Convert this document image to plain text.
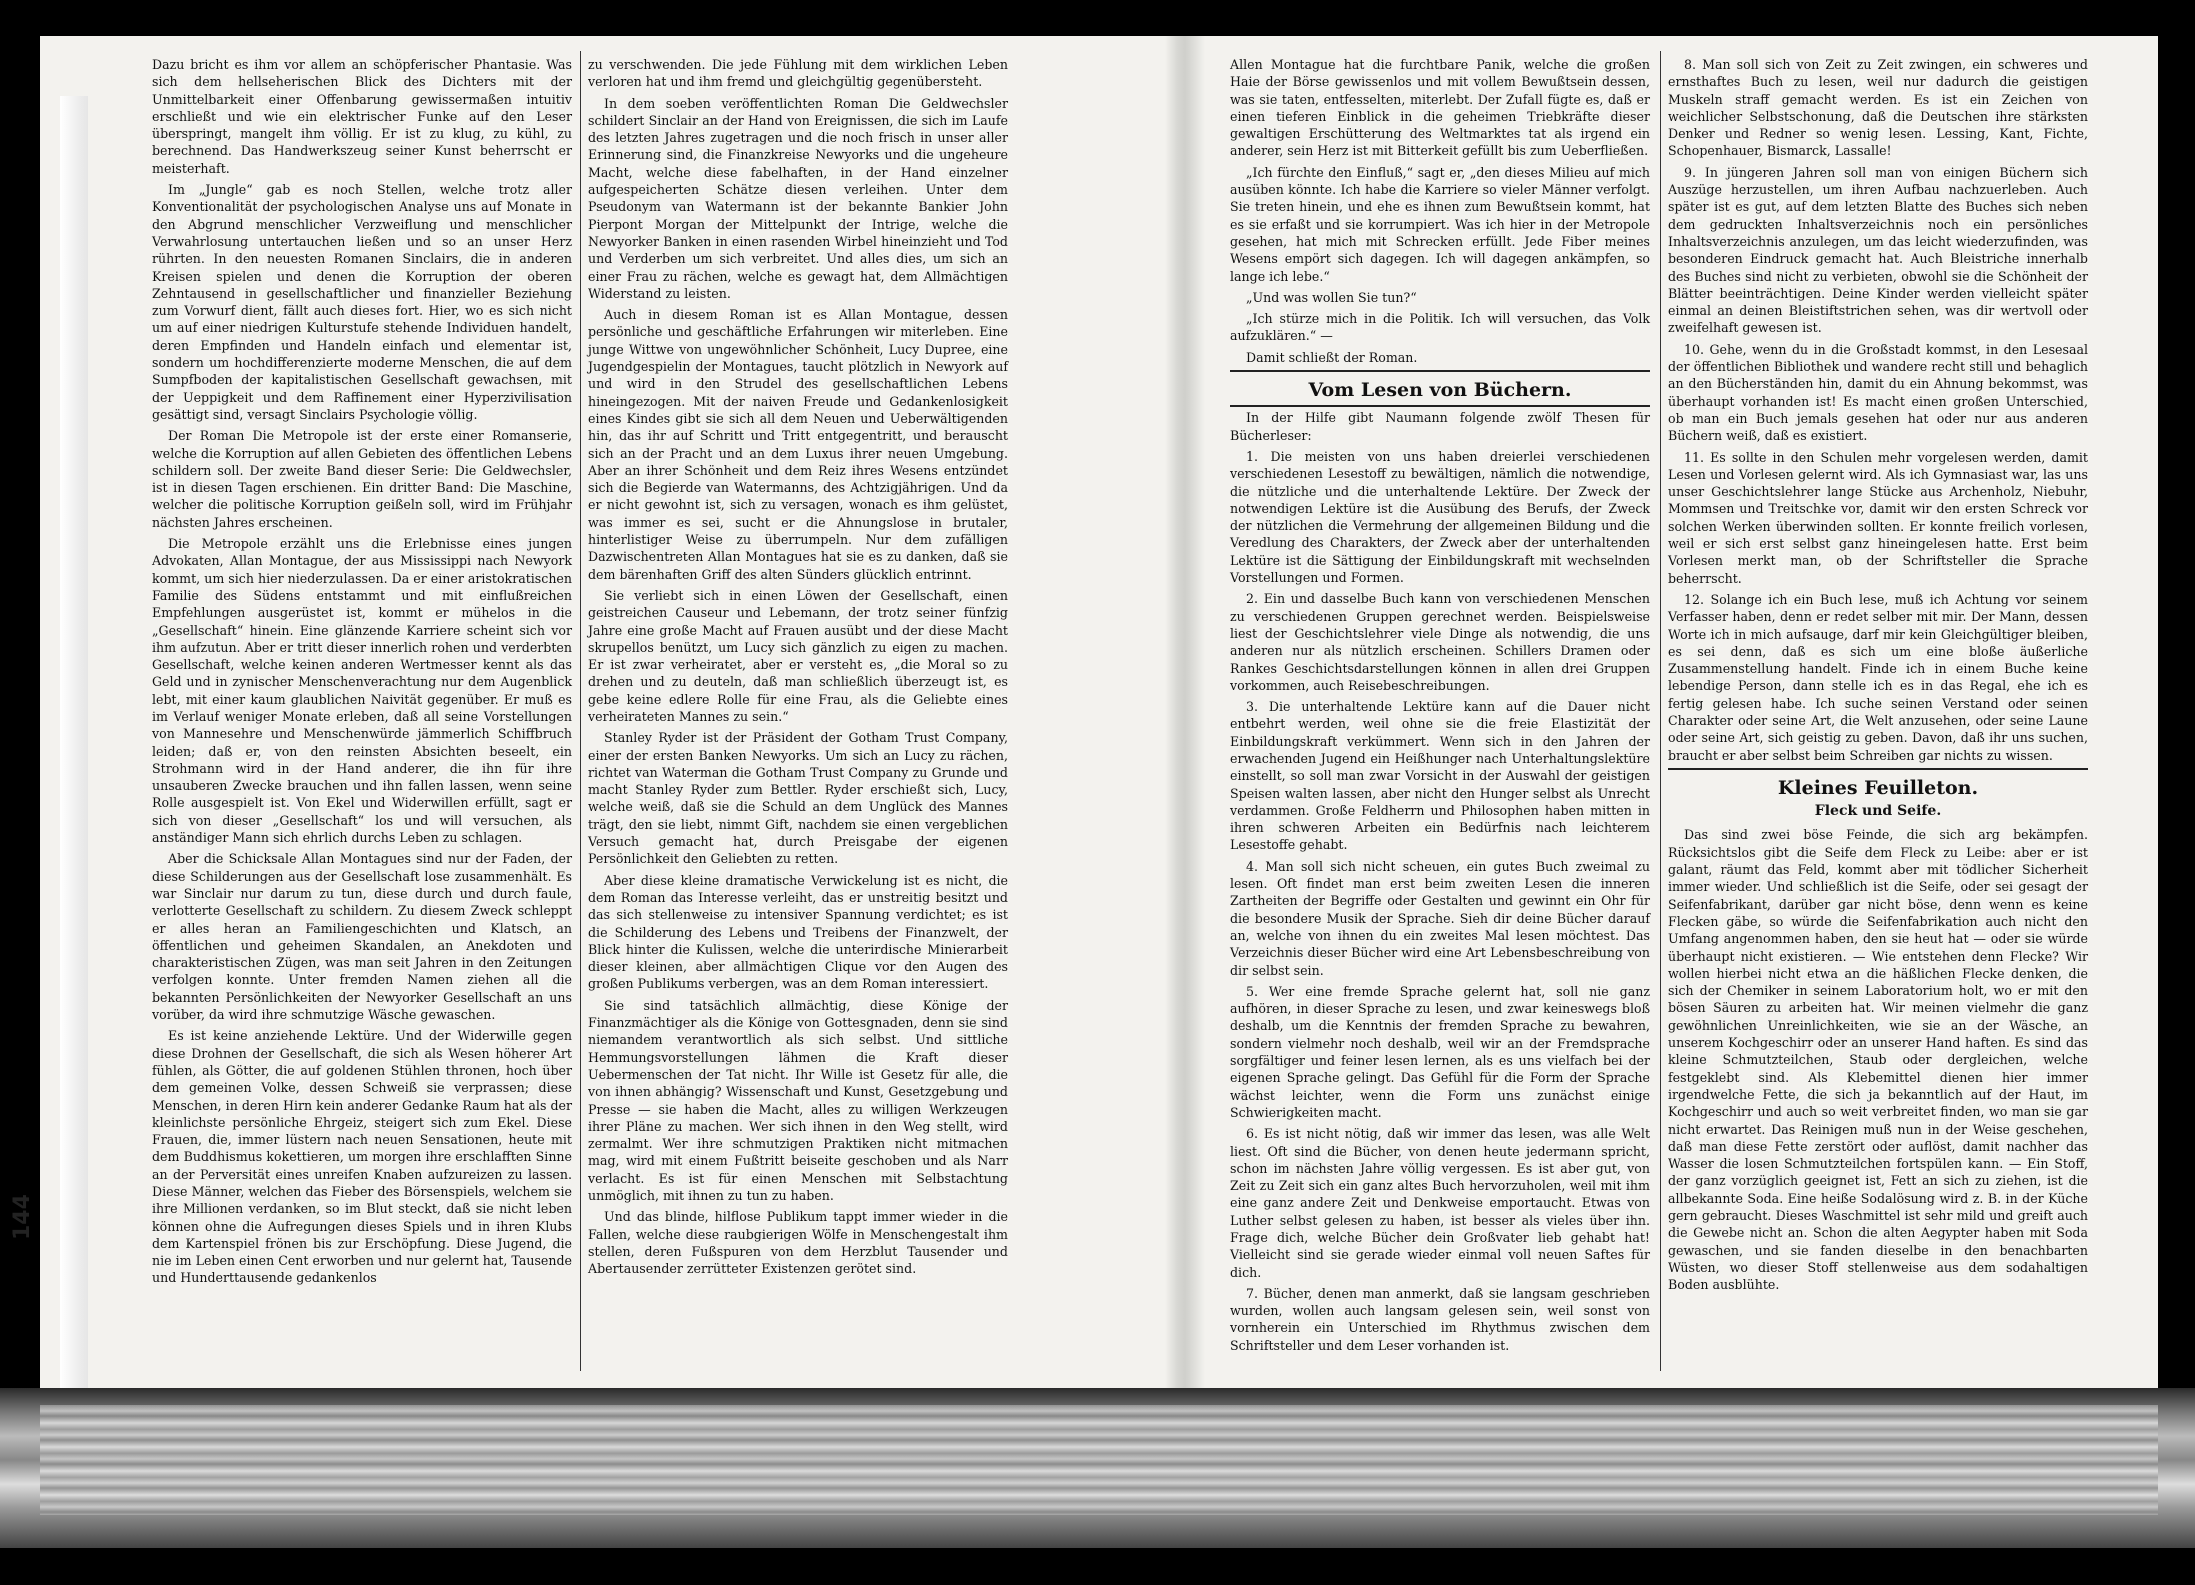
Dazu bricht es ihm vor allem an schöpferischer Phantasie. Was sich dem hellseherischen Blick des Dichters mit der Unmittelbarkeit einer Offenbarung gewissermaßen intuitiv erschließt und wie ein elektrischer Funke auf den Leser überspringt, mangelt ihm völlig. Er ist zu klug, zu kühl, zu berechnend. Das Handwerkszeug seiner Kunst beherrscht er meisterhaft.

Im „Jungle“ gab es noch Stellen, welche trotz aller Konventionalität der psychologischen Analyse uns auf Monate in den Abgrund menschlicher Verzweiflung und menschlicher Verwahrlosung untertauchen ließen und so an unser Herz rührten. In den neuesten Romanen Sinclairs, die in anderen Kreisen spielen und denen die Korruption der oberen Zehntausend in gesellschaftlicher und finanzieller Beziehung zum Vorwurf dient, fällt auch dieses fort. Hier, wo es sich nicht um auf einer niedrigen Kulturstufe stehende Individuen handelt, deren Empfinden und Handeln einfach und elementar ist, sondern um hochdifferenzierte moderne Menschen, die auf dem Sumpfboden der kapitalistischen Gesellschaft gewachsen, mit der Ueppigkeit und dem Raffinement einer Hyperzivilisation gesättigt sind, versagt Sinclairs Psychologie völlig.

Der Roman Die Metropole ist der erste einer Romanserie, welche die Korruption auf allen Gebieten des öffentlichen Lebens schildern soll. Der zweite Band dieser Serie: Die Geldwechsler, ist in diesen Tagen erschienen. Ein dritter Band: Die Maschine, welcher die politische Korruption geißeln soll, wird im Frühjahr nächsten Jahres erscheinen.

Die Metropole erzählt uns die Erlebnisse eines jungen Advokaten, Allan Montague, der aus Mississippi nach Newyork kommt, um sich hier niederzulassen. Da er einer aristokratischen Familie des Südens entstammt und mit einflußreichen Empfehlungen ausgerüstet ist, kommt er mühelos in die „Gesellschaft“ hinein. Eine glänzende Karriere scheint sich vor ihm aufzutun. Aber er tritt dieser innerlich rohen und verderbten Gesellschaft, welche keinen anderen Wertmesser kennt als das Geld und in zynischer Menschenverachtung nur dem Augenblick lebt, mit einer kaum glaublichen Naivität gegenüber. Er muß es im Verlauf weniger Monate erleben, daß all seine Vorstellungen von Mannesehre und Menschenwürde jämmerlich Schiffbruch leiden; daß er, von den reinsten Absichten beseelt, ein Strohmann wird in der Hand anderer, die ihn für ihre unsauberen Zwecke brauchen und ihn fallen lassen, wenn seine Rolle ausgespielt ist. Von Ekel und Widerwillen erfüllt, sagt er sich von dieser „Gesellschaft“ los und will versuchen, als anständiger Mann sich ehrlich durchs Leben zu schlagen.

Aber die Schicksale Allan Montagues sind nur der Faden, der diese Schilderungen aus der Gesellschaft lose zusammenhält. Es war Sinclair nur darum zu tun, diese durch und durch faule, verlotterte Gesellschaft zu schildern. Zu diesem Zweck schleppt er alles heran an Familiengeschichten und Klatsch, an öffentlichen und geheimen Skandalen, an Anekdoten und charakteristischen Zügen, was man seit Jahren in den Zeitungen verfolgen konnte. Unter fremden Namen ziehen all die bekannten Persönlichkeiten der Newyorker Gesellschaft an uns vorüber, da wird ihre schmutzige Wäsche gewaschen.

Es ist keine anziehende Lektüre. Und der Widerwille gegen diese Drohnen der Gesellschaft, die sich als Wesen höherer Art fühlen, als Götter, die auf goldenen Stühlen thronen, hoch über dem gemeinen Volke, dessen Schweiß sie verprassen; diese Menschen, in deren Hirn kein anderer Gedanke Raum hat als der kleinlichste persönliche Ehrgeiz, steigert sich zum Ekel. Diese Frauen, die, immer lüstern nach neuen Sensationen, heute mit dem Buddhismus kokettieren, um morgen ihre erschlafften Sinne an der Perversität eines unreifen Knaben aufzureizen zu lassen. Diese Männer, welchen das Fieber des Börsenspiels, welchem sie ihre Millionen verdanken, so im Blut steckt, daß sie nicht leben können ohne die Aufregungen dieses Spiels und in ihren Klubs dem Kartenspiel frönen bis zur Erschöpfung. Diese Jugend, die nie im Leben einen Cent erworben und nur gelernt hat, Tausende und Hunderttausende gedankenlos

zu verschwenden. Die jede Fühlung mit dem wirklichen Leben verloren hat und ihm fremd und gleichgültig gegenübersteht.

In dem soeben veröffentlichten Roman Die Geldwechsler schildert Sinclair an der Hand von Ereignissen, die sich im Laufe des letzten Jahres zugetragen und die noch frisch in unser aller Erinnerung sind, die Finanzkreise Newyorks und die ungeheure Macht, welche diese fabelhaften, in der Hand einzelner aufgespeicherten Schätze diesen verleihen. Unter dem Pseudonym van Watermann ist der bekannte Bankier John Pierpont Morgan der Mittelpunkt der Intrige, welche die Newyorker Banken in einen rasenden Wirbel hineinzieht und Tod und Verderben um sich verbreitet. Und alles dies, um sich an einer Frau zu rächen, welche es gewagt hat, dem Allmächtigen Widerstand zu leisten.

Auch in diesem Roman ist es Allan Montague, dessen persönliche und geschäftliche Erfahrungen wir miterleben. Eine junge Wittwe von ungewöhnlicher Schönheit, Lucy Dupree, eine Jugendgespielin der Montagues, taucht plötzlich in Newyork auf und wird in den Strudel des gesellschaftlichen Lebens hineingezogen. Mit der naiven Freude und Gedankenlosigkeit eines Kindes gibt sie sich all dem Neuen und Ueberwältigenden hin, das ihr auf Schritt und Tritt entgegentritt, und berauscht sich an der Pracht und an dem Luxus ihrer neuen Umgebung. Aber an ihrer Schönheit und dem Reiz ihres Wesens entzündet sich die Begierde van Watermanns, des Achtzigjährigen. Und da er nicht gewohnt ist, sich zu versagen, wonach es ihm gelüstet, was immer es sei, sucht er die Ahnungslose in brutaler, hinterlistiger Weise zu überrumpeln. Nur dem zufälligen Dazwischentreten Allan Montagues hat sie es zu danken, daß sie dem bärenhaften Griff des alten Sünders glücklich entrinnt.

Sie verliebt sich in einen Löwen der Gesellschaft, einen geistreichen Causeur und Lebemann, der trotz seiner fünfzig Jahre eine große Macht auf Frauen ausübt und der diese Macht skrupellos benützt, um Lucy sich gänzlich zu eigen zu machen. Er ist zwar verheiratet, aber er versteht es, „die Moral so zu drehen und zu deuteln, daß man schließlich überzeugt ist, es gebe keine edlere Rolle für eine Frau, als die Geliebte eines verheirateten Mannes zu sein.“

Stanley Ryder ist der Präsident der Gotham Trust Company, einer der ersten Banken Newyorks. Um sich an Lucy zu rächen, richtet van Waterman die Gotham Trust Company zu Grunde und macht Stanley Ryder zum Bettler. Ryder erschießt sich, Lucy, welche weiß, daß sie die Schuld an dem Unglück des Mannes trägt, den sie liebt, nimmt Gift, nachdem sie einen vergeblichen Versuch gemacht hat, durch Preisgabe der eigenen Persönlichkeit den Geliebten zu retten.

Aber diese kleine dramatische Verwickelung ist es nicht, die dem Roman das Interesse verleiht, das er unstreitig besitzt und das sich stellenweise zu intensiver Spannung verdichtet; es ist die Schilderung des Lebens und Treibens der Finanzwelt, der Blick hinter die Kulissen, welche die unterirdische Minierarbeit dieser kleinen, aber allmächtigen Clique vor den Augen des großen Publikums verbergen, was an dem Roman interessiert.

Sie sind tatsächlich allmächtig, diese Könige der Finanzmächtiger als die Könige von Gottesgnaden, denn sie sind niemandem verantwortlich als sich selbst. Und sittliche Hemmungsvorstellungen lähmen die Kraft dieser Uebermenschen der Tat nicht. Ihr Wille ist Gesetz für alle, die von ihnen abhängig? Wissenschaft und Kunst, Gesetzgebung und Presse — sie haben die Macht, alles zu willigen Werkzeugen ihrer Pläne zu machen. Wer sich ihnen in den Weg stellt, wird zermalmt. Wer ihre schmutzigen Praktiken nicht mitmachen mag, wird mit einem Fußtritt beiseite geschoben und als Narr verlacht. Es ist für einen Menschen mit Selbstachtung unmöglich, mit ihnen zu tun zu haben.

Und das blinde, hilflose Publikum tappt immer wieder in die Fallen, welche diese raubgierigen Wölfe in Menschengestalt ihm stellen, deren Fußspuren von dem Herzblut Tausender und Abertausender zerrütteter Existenzen gerötet sind.

Allen Montague hat die furchtbare Panik, welche die großen Haie der Börse gewissenlos und mit vollem Bewußtsein dessen, was sie taten, entfesselten, miterlebt. Der Zufall fügte es, daß er einen tieferen Einblick in die geheimen Triebkräfte dieser gewaltigen Erschütterung des Weltmarktes tat als irgend ein anderer, sein Herz ist mit Bitterkeit gefüllt bis zum Ueberfließen.

„Ich fürchte den Einfluß,“ sagt er, „den dieses Milieu auf mich ausüben könnte. Ich habe die Karriere so vieler Männer verfolgt. Sie treten hinein, und ehe es ihnen zum Bewußtsein kommt, hat es sie erfaßt und sie korrumpiert. Was ich hier in der Metropole gesehen, hat mich mit Schrecken erfüllt. Jede Fiber meines Wesens empört sich dagegen. Ich will dagegen ankämpfen, so lange ich lebe.“

„Und was wollen Sie tun?“

„Ich stürze mich in die Politik. Ich will versuchen, das Volk aufzuklären.“ —

Damit schließt der Roman.

Vom Lesen von Büchern.

In der Hilfe gibt Naumann folgende zwölf Thesen für Bücherleser:

1. Die meisten von uns haben dreierlei verschiedenen verschiedenen Lesestoff zu bewältigen, nämlich die notwendige, die nützliche und die unterhaltende Lektüre. Der Zweck der notwendigen Lektüre ist die Ausübung des Berufs, der Zweck der nützlichen die Vermehrung der allgemeinen Bildung und die Veredlung des Charakters, der Zweck aber der unterhaltenden Lektüre ist die Sättigung der Einbildungskraft mit wechselnden Vorstellungen und Formen.

2. Ein und dasselbe Buch kann von verschiedenen Menschen zu verschiedenen Gruppen gerechnet werden. Beispielsweise liest der Geschichtslehrer viele Dinge als notwendig, die uns anderen nur als nützlich erscheinen. Schillers Dramen oder Rankes Geschichtsdarstellungen können in allen drei Gruppen vorkommen, auch Reisebeschreibungen.

3. Die unterhaltende Lektüre kann auf die Dauer nicht entbehrt werden, weil ohne sie die freie Elastizität der Einbildungskraft verkümmert. Wenn sich in den Jahren der erwachenden Jugend ein Heißhunger nach Unterhaltungslektüre einstellt, so soll man zwar Vorsicht in der Auswahl der geistigen Speisen walten lassen, aber nicht den Hunger selbst als Unrecht verdammen. Große Feldherrn und Philosophen haben mitten in ihren schweren Arbeiten ein Bedürfnis nach leichterem Lesestoffe gehabt.

4. Man soll sich nicht scheuen, ein gutes Buch zweimal zu lesen. Oft findet man erst beim zweiten Lesen die inneren Zartheiten der Begriffe oder Gestalten und gewinnt ein Ohr für die besondere Musik der Sprache. Sieh dir deine Bücher darauf an, welche von ihnen du ein zweites Mal lesen möchtest. Das Verzeichnis dieser Bücher wird eine Art Lebensbeschreibung von dir selbst sein.

5. Wer eine fremde Sprache gelernt hat, soll nie ganz aufhören, in dieser Sprache zu lesen, und zwar keineswegs bloß deshalb, um die Kenntnis der fremden Sprache zu bewahren, sondern vielmehr noch deshalb, weil wir an der Fremdsprache sorgfältiger und feiner lesen lernen, als es uns vielfach bei der eigenen Sprache gelingt. Das Gefühl für die Form der Sprache wächst leichter, wenn die Form uns zunächst einige Schwierigkeiten macht.

6. Es ist nicht nötig, daß wir immer das lesen, was alle Welt liest. Oft sind die Bücher, von denen heute jedermann spricht, schon im nächsten Jahre völlig vergessen. Es ist aber gut, von Zeit zu Zeit sich ein ganz altes Buch hervorzuholen, weil mit ihm eine ganz andere Zeit und Denkweise emportaucht. Etwas von Luther selbst gelesen zu haben, ist besser als vieles über ihn. Frage dich, welche Bücher dein Großvater lieb gehabt hat! Vielleicht sind sie gerade wieder einmal voll neuen Saftes für dich.

7. Bücher, denen man anmerkt, daß sie langsam geschrieben wurden, wollen auch langsam gelesen sein, weil sonst von vornherein ein Unterschied im Rhythmus zwischen dem Schriftsteller und dem Leser vorhanden ist.

8. Man soll sich von Zeit zu Zeit zwingen, ein schweres und ernsthaftes Buch zu lesen, weil nur dadurch die geistigen Muskeln straff gemacht werden. Es ist ein Zeichen von weichlicher Selbstschonung, daß die Deutschen ihre stärksten Denker und Redner so wenig lesen. Lessing, Kant, Fichte, Schopenhauer, Bismarck, Lassalle!

9. In jüngeren Jahren soll man von einigen Büchern sich Auszüge herzustellen, um ihren Aufbau nachzuerleben. Auch später ist es gut, auf dem letzten Blatte des Buches sich neben dem gedruckten Inhaltsverzeichnis noch ein persönliches Inhaltsverzeichnis anzulegen, um das leicht wiederzufinden, was besonderen Eindruck gemacht hat. Auch Bleistriche innerhalb des Buches sind nicht zu verbieten, obwohl sie die Schönheit der Blätter beeinträchtigen. Deine Kinder werden vielleicht später einmal an deinen Bleistiftstrichen sehen, was dir wertvoll oder zweifelhaft gewesen ist.

10. Gehe, wenn du in die Großstadt kommst, in den Lesesaal der öffentlichen Bibliothek und wandere recht still und behaglich an den Bücherständen hin, damit du ein Ahnung bekommst, was überhaupt vorhanden ist! Es macht einen großen Unterschied, ob man ein Buch jemals gesehen hat oder nur aus anderen Büchern weiß, daß es existiert.

11. Es sollte in den Schulen mehr vorgelesen werden, damit Lesen und Vorlesen gelernt wird. Als ich Gymnasiast war, las uns unser Geschichtslehrer lange Stücke aus Archenholz, Niebuhr, Mommsen und Treitschke vor, damit wir den ersten Schreck vor solchen Werken überwinden sollten. Er konnte freilich vorlesen, weil er sich erst selbst ganz hineingelesen hatte. Erst beim Vorlesen merkt man, ob der Schriftsteller die Sprache beherrscht.

12. Solange ich ein Buch lese, muß ich Achtung vor seinem Verfasser haben, denn er redet selber mit mir. Der Mann, dessen Worte ich in mich aufsauge, darf mir kein Gleichgültiger bleiben, es sei denn, daß es sich um eine bloße äußerliche Zusammenstellung handelt. Finde ich in einem Buche keine lebendige Person, dann stelle ich es in das Regal, ehe ich es fertig gelesen habe. Ich suche seinen Verstand oder seinen Charakter oder seine Art, die Welt anzusehen, oder seine Laune oder seine Art, sich geistig zu geben. Davon, daß ihr uns suchen, braucht er aber selbst beim Schreiben gar nichts zu wissen.

Kleines Feuilleton.
Fleck und Seife.

Das sind zwei böse Feinde, die sich arg bekämpfen. Rücksichtslos gibt die Seife dem Fleck zu Leibe: aber er ist galant, räumt das Feld, kommt aber mit tödlicher Sicherheit immer wieder. Und schließlich ist die Seife, oder sei gesagt der Seifenfabrikant, darüber gar nicht böse, denn wenn es keine Flecken gäbe, so würde die Seifenfabrikation auch nicht den Umfang angenommen haben, den sie heut hat — oder sie würde überhaupt nicht existieren. — Wie entstehen denn Flecke? Wir wollen hierbei nicht etwa an die häßlichen Flecke denken, die sich der Chemiker in seinem Laboratorium holt, wo er mit den bösen Säuren zu arbeiten hat. Wir meinen vielmehr die ganz gewöhnlichen Unreinlichkeiten, wie sie an der Wäsche, an unserem Kochgeschirr oder an unserer Hand haften. Es sind das kleine Schmutzteilchen, Staub oder dergleichen, welche festgeklebt sind. Als Klebemittel dienen hier immer irgendwelche Fette, die sich ja bekanntlich auf der Haut, im Kochgeschirr und auch so weit verbreitet finden, wo man sie gar nicht erwartet. Das Reinigen muß nun in der Weise geschehen, daß man diese Fette zerstört oder auflöst, damit nachher das Wasser die losen Schmutzteilchen fortspülen kann. — Ein Stoff, der ganz vorzüglich geeignet ist, Fett an sich zu ziehen, ist die allbekannte Soda. Eine heiße Sodalösung wird z. B. in der Küche gern gebraucht. Dieses Waschmittel ist sehr mild und greift auch die Gewebe nicht an. Schon die alten Aegypter haben mit Soda gewaschen, und sie fanden dieselbe in den benachbarten Wüsten, wo dieser Stoff stellenweise aus dem sodahaltigen Boden ausblühte.

144
